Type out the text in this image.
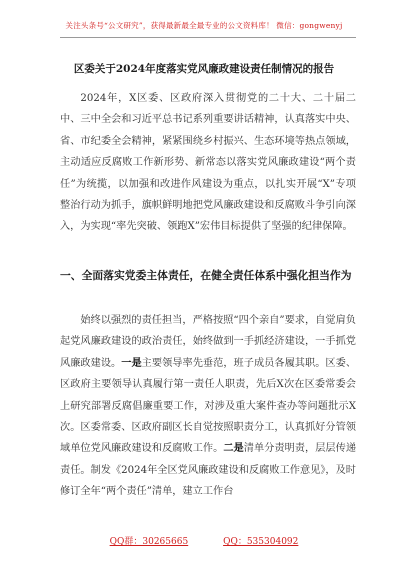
关注头条号“公文研究”，获得最新最全最专业的公文资料库！ 微信：gongwenyj
区委关于2024年度落实党风廉政建设责任制情况的报告

2024年，X区委、区政府深入贯彻党的二十大、二十届二中、三中全会和习近平总书记系列重要讲话精神，认真落实中央、省、市纪委全会精神，紧紧围绕乡村振兴、生态环境等热点领域，主动适应反腐败工作新形势、新常态以落实党风廉政建设“两个责任”为统揽，以加强和改进作风建设为重点，以扎实开展“X”专项整治行动为抓手，旗帜鲜明地把党风廉政建设和反腐败斗争引向深入，为实现“率先突破、领跑X”宏伟目标提供了坚强的纪律保障。

一、全面落实党委主体责任，在健全责任体系中强化担当作为

始终以强烈的责任担当，严格按照“四个亲自”要求，自觉肩负起党风廉政建设的政治责任，始终做到一手抓经济建设，一手抓党风廉政建设。一是主要领导率先垂范，班子成员各履其职。区委、区政府主要领导认真履行第一责任人职责，先后X次在区委常委会上研究部署反腐倡廉重要工作，对涉及重大案件查办等问题批示X次。区委常委、区政府副区长自觉按照职责分工，认真抓好分管领域单位党风廉政建设和反腐败工作。二是清单分责明责，层层传递责任。制发《2024年全区党风廉政建设和反腐败工作意见》，及时修订全年“两个责任”清单，建立工作台

QQ群：30265665	QQ：535304092
